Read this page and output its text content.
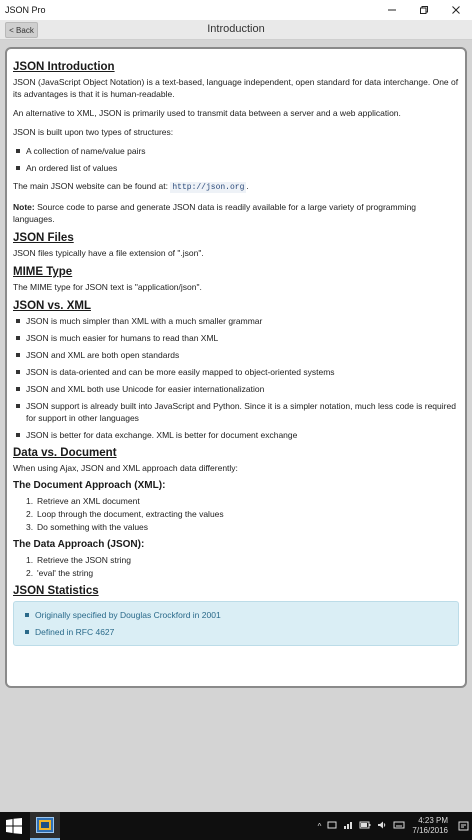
JSON Pro
< Back	Introduction
JSON Introduction

JSON (JavaScript Object Notation) is a text-based, language independent, open standard for data interchange. One of its advantages is that it is human-readable.

An alternative to XML, JSON is primarily used to transmit data between a server and a web application.

JSON is built upon two types of structures:

A collection of name/value pairs
An ordered list of values

The main JSON website can be found at: http://json.org .

Note: Source code to parse and generate JSON data is readily available for a large variety of programming languages.

JSON Files

JSON files typically have a file extension of ".json".

MIME Type

The MIME type for JSON text is "application/json".

JSON vs. XML
JSON is much simpler than XML with a much smaller grammar
JSON is much easier for humans to read than XML
JSON and XML are both open standards
JSON is data-oriented and can be more easily mapped to object-oriented systems
JSON and XML both use Unicode for easier internationalization
JSON support is already built into JavaScript and Python. Since it is a simpler notation, much less code is required for support in other languages
JSON is better for data exchange. XML is better for document exchange
Data vs. Document

When using Ajax, JSON and XML approach data differently:

The Document Approach (XML):
1. Retrieve an XML document
2. Loop through the document, extracting the values
3. Do something with the values
The Data Approach (JSON):
1. Retrieve the JSON string
2. 'eval' the string
JSON Statistics
Originally specified by Douglas Crockford in 2001
Defined in RFC 4627
^
4:23 PM
7/16/2016
